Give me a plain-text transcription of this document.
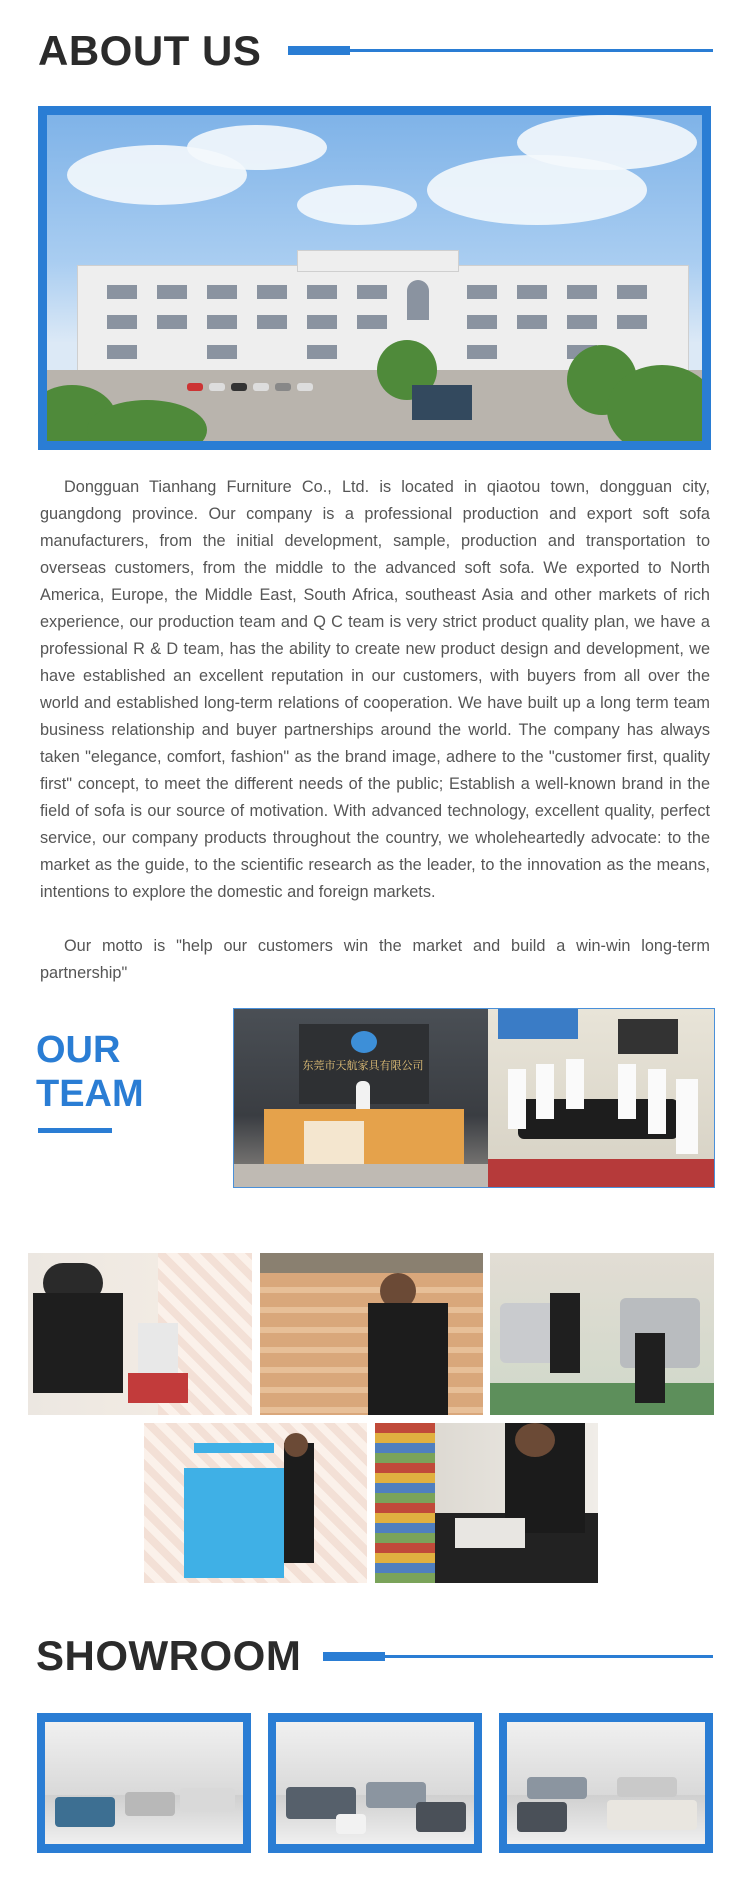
ABOUT US

Dongguan Tianhang Furniture Co., Ltd. is located in qiaotou town, dongguan city, guangdong province. Our company is a professional production and export soft sofa manufacturers, from the initial development, sample, production and transportation to overseas customers, from the middle to the advanced soft sofa. We exported to North America, Europe, the Middle East, South Africa, southeast Asia and other markets of rich experience, our production team and Q C team is very strict product quality plan, we have a professional R & D team, has the ability to create new product design and development, we have established an excellent reputation in our customers, with buyers from all over the world and established long-term relations of cooperation. We have built up a long term team business relationship and buyer partnerships around the world. The company has always taken "elegance, comfort, fashion" as the brand image, adhere to the "customer first, quality first" concept, to meet the different needs of the public; Establish a well-known brand in the field of sofa is our source of motivation. With advanced technology, excellent quality, perfect service, our company products throughout the country, we wholeheartedly advocate: to the market as the guide, to the scientific research as the leader, to the innovation as the means, intentions to explore the domestic and foreign markets.

Our motto is "help our customers win the market and build a win-win long-term partnership"

OUR
TEAM
东莞市天航家具有限公司
SHOWROOM
